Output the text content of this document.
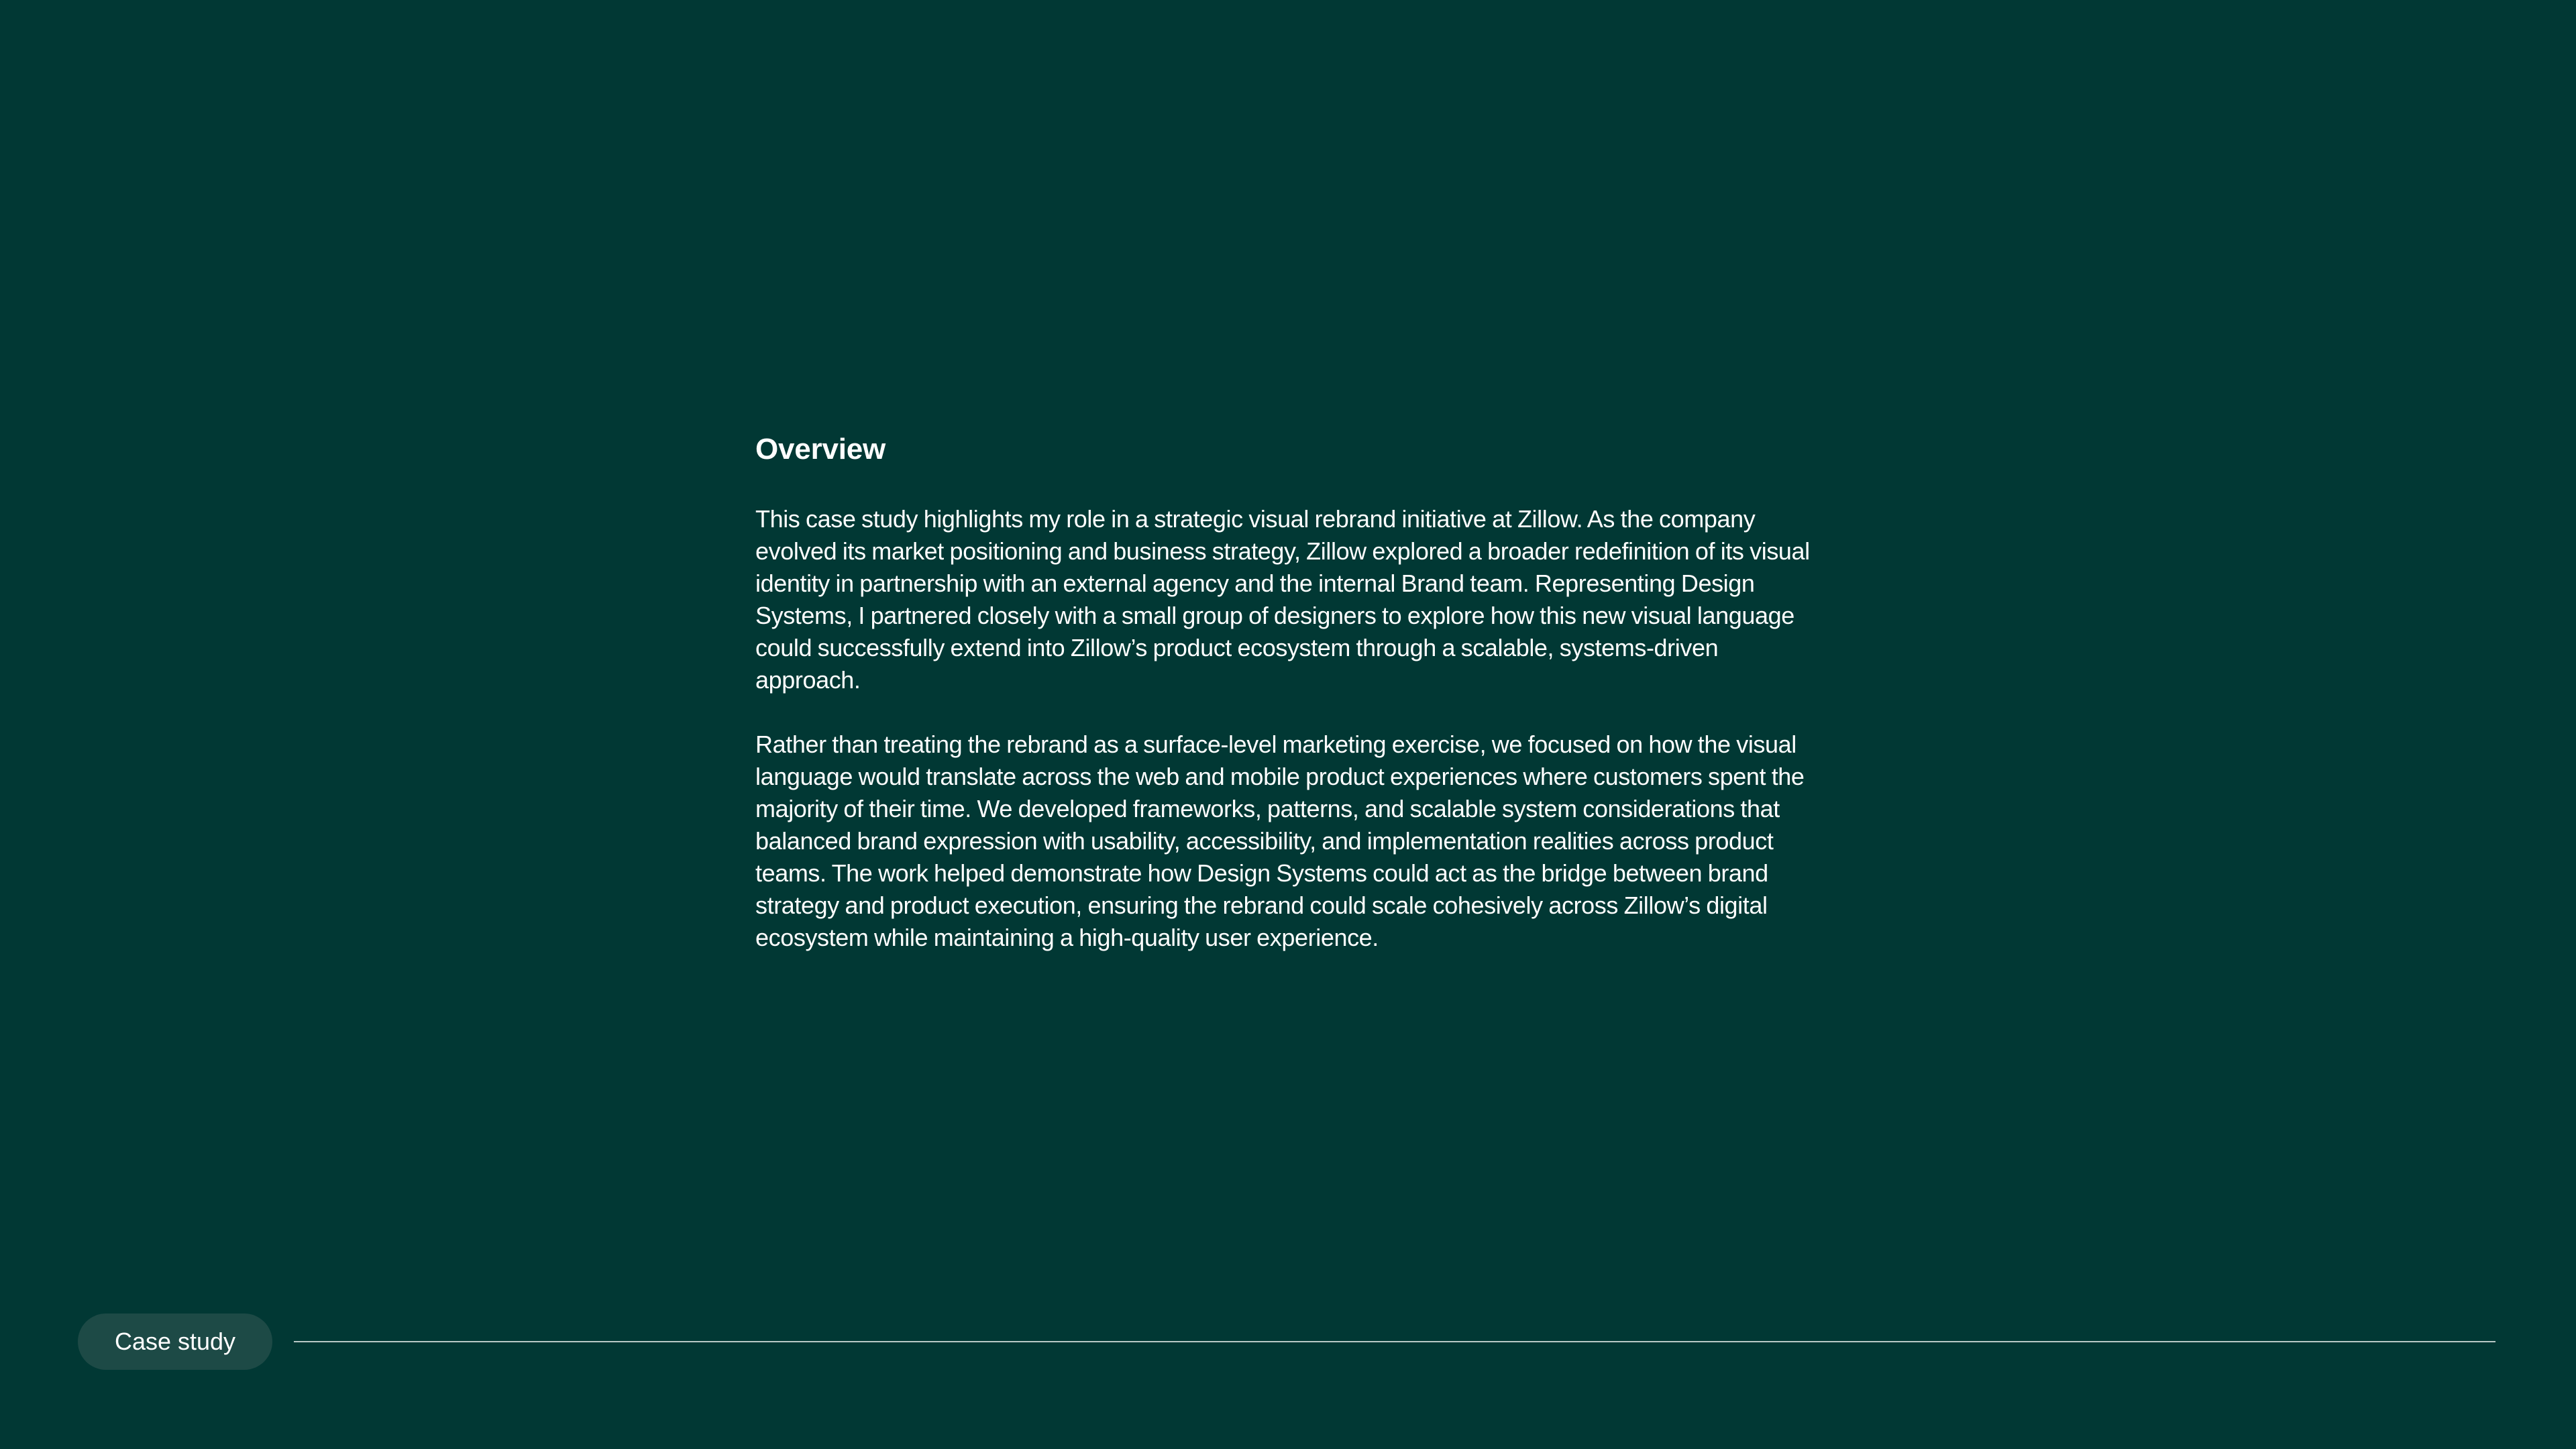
Overview

This case study highlights my role in a strategic visual rebrand initiative at Zillow. As the company evolved its market positioning and business strategy, Zillow explored a broader redefinition of its visual identity in partnership with an external agency and the internal Brand team. Representing Design Systems, I partnered closely with a small group of designers to explore how this new visual language could successfully extend into Zillow’s product ecosystem through a scalable, systems-driven approach.

Rather than treating the rebrand as a surface-level marketing exercise, we focused on how the visual language would translate across the web and mobile product experiences where customers spent the majority of their time. We developed frameworks, patterns, and scalable system considerations that balanced brand expression with usability, accessibility, and implementation realities across product teams. The work helped demonstrate how Design Systems could act as the bridge between brand strategy and product execution, ensuring the rebrand could scale cohesively across Zillow’s digital ecosystem while maintaining a high-quality user experience.

Case study
